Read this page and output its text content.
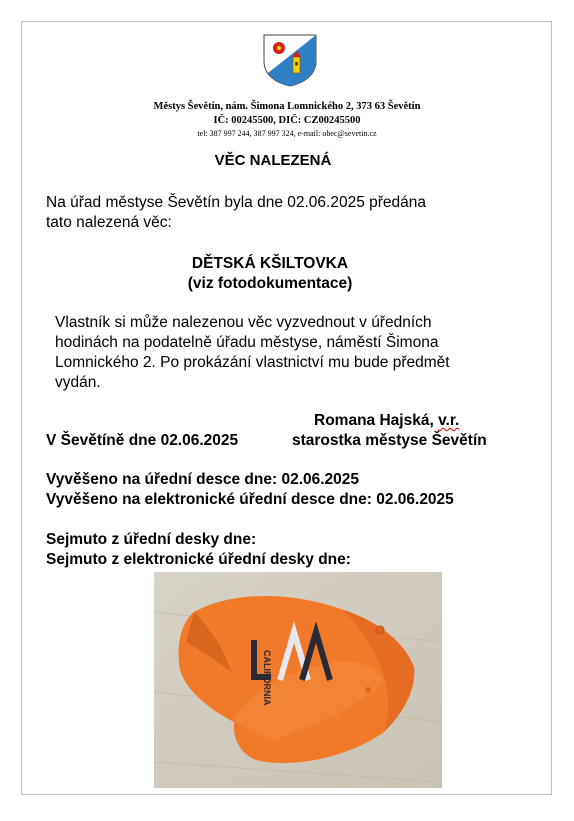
Městys Ševětín, nám. Šimona Lomnického 2, 373 63 Ševětín
IČ: 00245500, DIČ: CZ00245500
tel: 387 997 244, 387 997 324, e-mail: obec@sevetin.cz
VĚC NALEZENÁ
Na úřad městyse Ševětín byla dne 02.06.2025 předána
tato nalezená věc:
DĚTSKÁ KŠILTOVKA
(viz fotodokumentace)
Vlastník si může nalezenou věc vyzvednout v úředních
hodinách na podatelně úřadu městyse, náměstí Šimona
Lomnického 2. Po prokázání vlastnictví mu bude předmět
vydán.
Romana Hajská, v.r.
V Ševětíně dne 02.06.2025	starostka městyse Ševětín
Vyvěšeno na úřední desce dne: 02.06.2025
Vyvěšeno na elektronické úřední desce dne: 02.06.2025
Sejmuto z úřední desky dne:
Sejmuto z elektronické úřední desky dne:
CALIFORNIA
